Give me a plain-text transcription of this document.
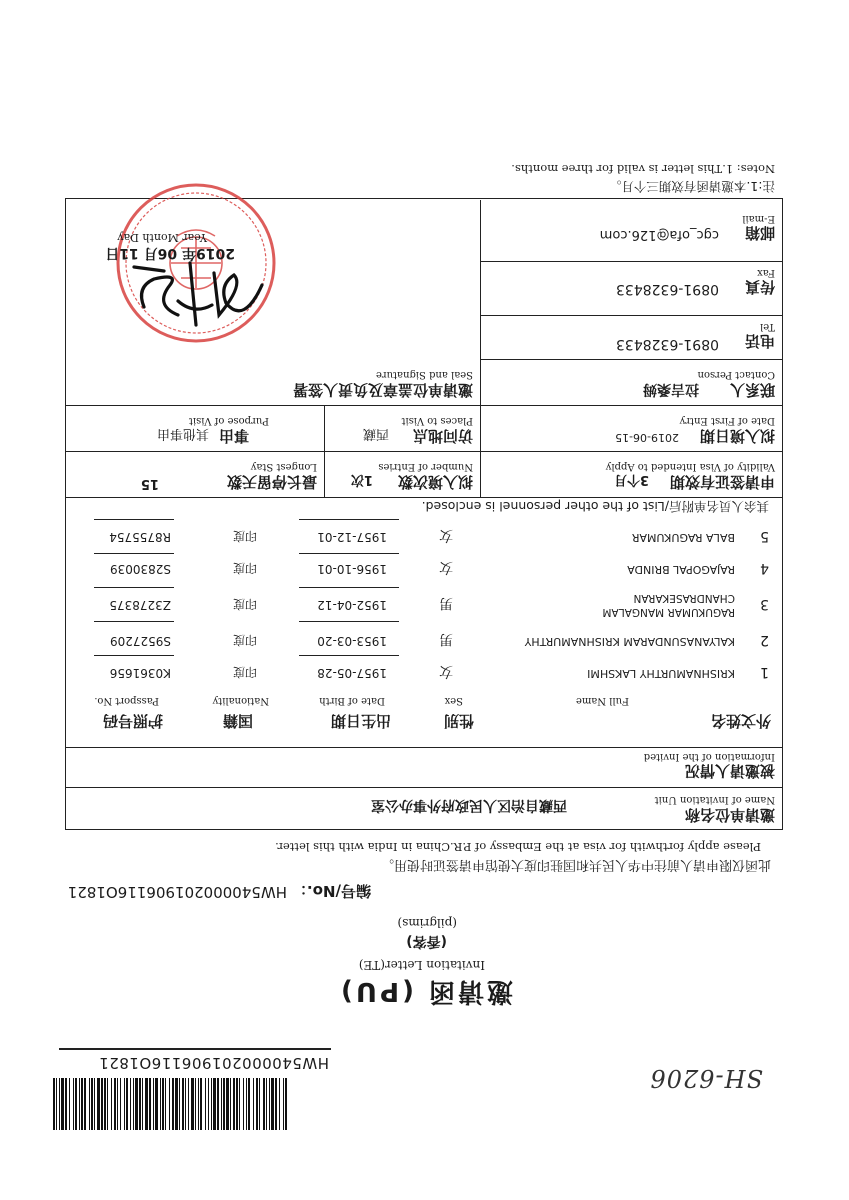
SH-6206
HW540000201906116O1821
邀请函 (PU)
Invitation Letter(TE)
(香客)
(pilgrims)
编号/No.：
HW540000201906116O1821
此函仅限申请人前往中华人民共和国驻印度大使馆申请签证时使用。
Please apply forthwith for visa at the Embassy of P.R.China in India with this letter.
邀请单位名称
Name of Invitation Unit
西藏自治区人民政府外事办公室
被邀请人情况
Information of the Invited
外文姓名
Full Name
性别
Sex
出生日期
Date of Birth
国籍
Nationality
护照号码
Passport No.
1
KRISHNAMURTHY LAKSHMI
女
1957-05-28
印度
K0361656
2
KALYANASUNDARAM KRISHNAMURTHY
男
1953-03-20
印度
S9527209
3
RAGUKUMAR MANGALAM
CHANDRASEKARAN
男
1952-04-12
印度
Z3278375
4
RAJAGOPAL BRINDA
女
1956-10-01
印度
S2830039
5
BALA RAGUKUMAR
女
1957-12-01
印度
R8755754
其余人员名单附后/List of the other personnel is enclosed.
申请签证有效期
Validity of Visa Intended to Apply
3个月
拟入境次数
Number of Entries
1次
最长停留天数
Longest Stay
15
拟入境日期
Date of First Entry
2019-06-15
访问地点
Places to Visit
西藏
事由
Purpose of Visit
其他事由
联系人
Contact Person
拉吉桑姆
邀请单位盖章及负责人签署
Seal and Signature
电话
Tel
0891-6328433
传真
Fax
0891-6328433
邮箱
E-mail
cgc_ofa@126.com
2019年 06月 11日
Year Month Day
注:1.本邀请函有效期三个月。
Notes: 1.This letter is valid for three months.
